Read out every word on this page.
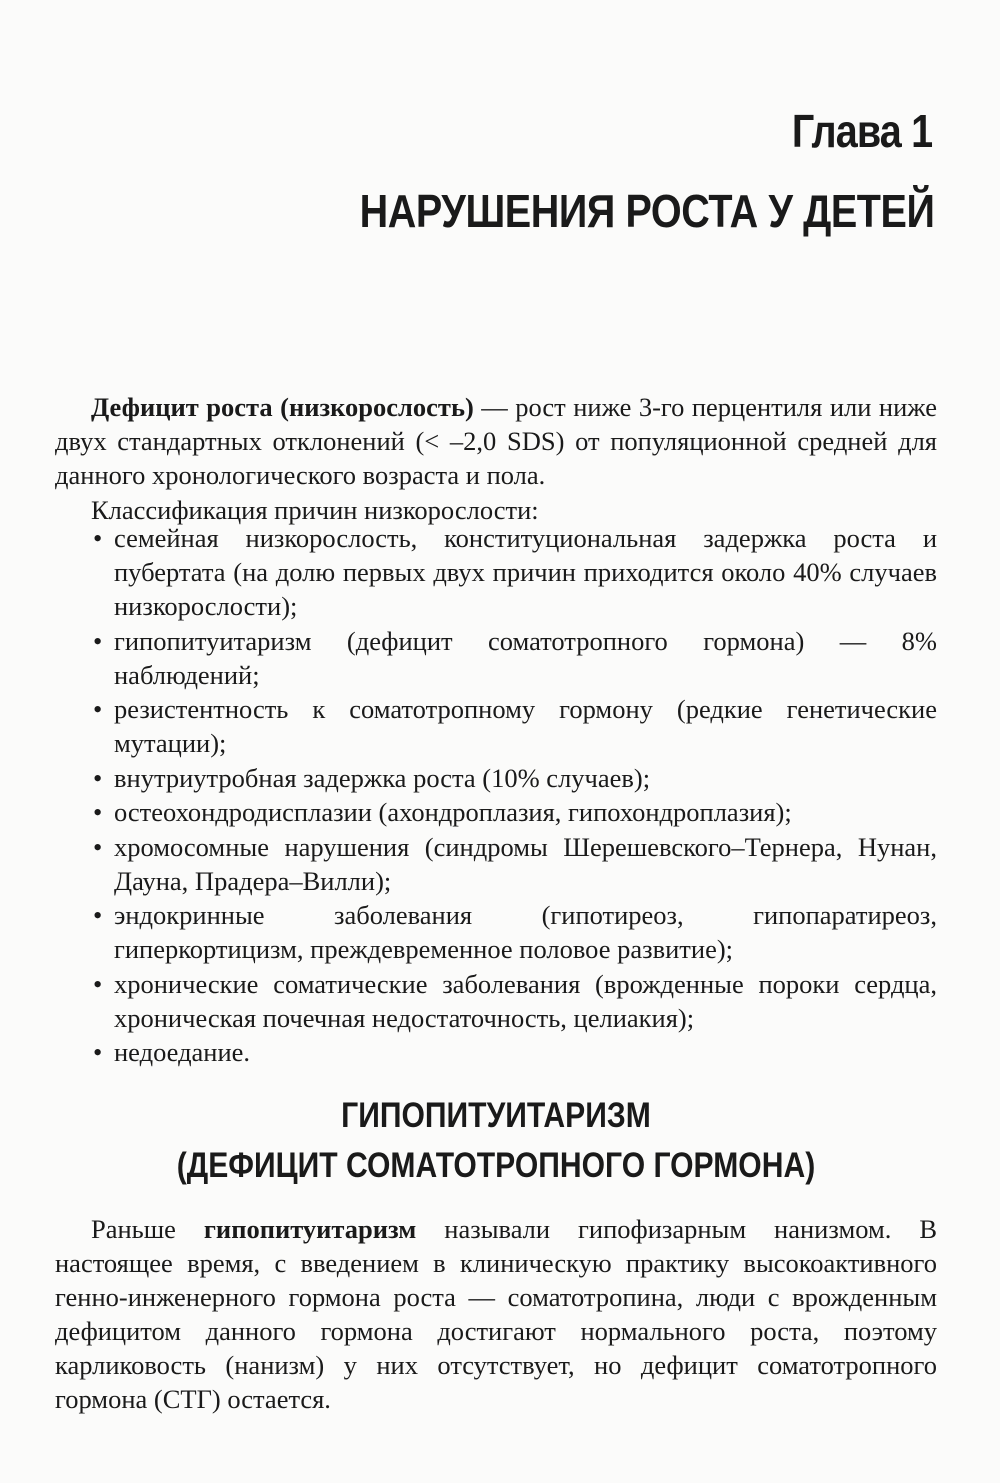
Глава 1
НАРУШЕНИЯ РОСТА У ДЕТЕЙ

Дефицит роста (низкорослость) — рост ниже 3-го перцентиля или ниже двух стандартных отклонений (< –2,0 SDS) от популяционной средней для данного хронологического возраста и пола.

Классификация причин низкорослости:

• семейная низкорослость, конституциональная задержка роста и пубертата (на долю первых двух причин приходится около 40% случаев низкорослости);
• гипопитуитаризм (дефицит соматотропного гормона) — 8% наблюдений;
• резистентность к соматотропному гормону (редкие генетические мутации);
• внутриутробная задержка роста (10% случаев);
• остеохондродисплазии (ахондроплазия, гипохондроплазия);
• хромосомные нарушения (синдромы Шерешевского–Тернера, Нунан, Дауна, Прадера–Вилли);
• эндокринные заболевания (гипотиреоз, гипопаратиреоз, гиперкортицизм, преждевременное половое развитие);
• хронические соматические заболевания (врожденные пороки сердца, хроническая почечная недостаточность, целиакия);
• недоедание.
ГИПОПИТУИТАРИЗМ
(ДЕФИЦИТ СОМАТОТРОПНОГО ГОРМОНА)

Раньше гипопитуитаризм называли гипофизарным нанизмом. В настоящее время, с введением в клиническую практику высокоактивного генно-инженерного гормона роста — соматотропина, люди с врожденным дефицитом данного гормона достигают нормального роста, поэтому карликовость (нанизм) у них отсутствует, но дефицит соматотропного гормона (СТГ) остается.
